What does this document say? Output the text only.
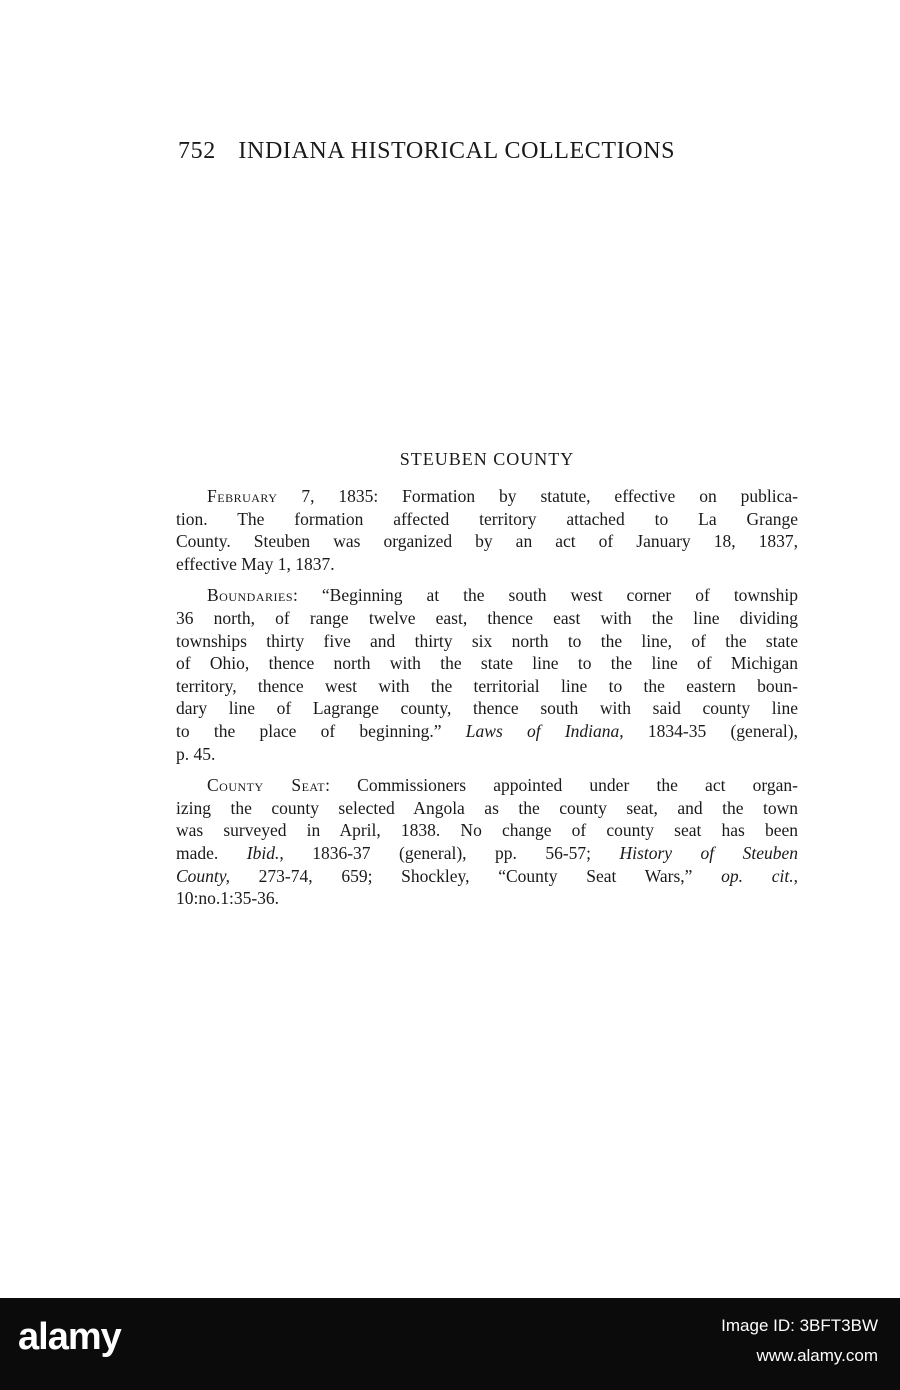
752 INDIANA HISTORICAL COLLECTIONS
STEUBEN COUNTY
February 7, 1835: Formation by statute, effective on publica-
tion. The formation affected territory attached to La Grange
County. Steuben was organized by an act of January 18, 1837,
effective May 1, 1837.
Boundaries: “Beginning at the south west corner of township
36 north, of range twelve east, thence east with the line dividing
townships thirty five and thirty six north to the line, of the state
of Ohio, thence north with the state line to the line of Michigan
territory, thence west with the territorial line to the eastern boun-
dary line of Lagrange county, thence south with said county line
to the place of beginning.” Laws of Indiana, 1834-35 (general),
p. 45.
County Seat: Commissioners appointed under the act organ-
izing the county selected Angola as the county seat, and the town
was surveyed in April, 1838. No change of county seat has been
made. Ibid., 1836-37 (general), pp. 56-57; History of Steuben
County, 273-74, 659; Shockley, “County Seat Wars,” op. cit.,
10:no.1:35-36.
alamy	Image ID: 3BFT3BW
www.alamy.com
